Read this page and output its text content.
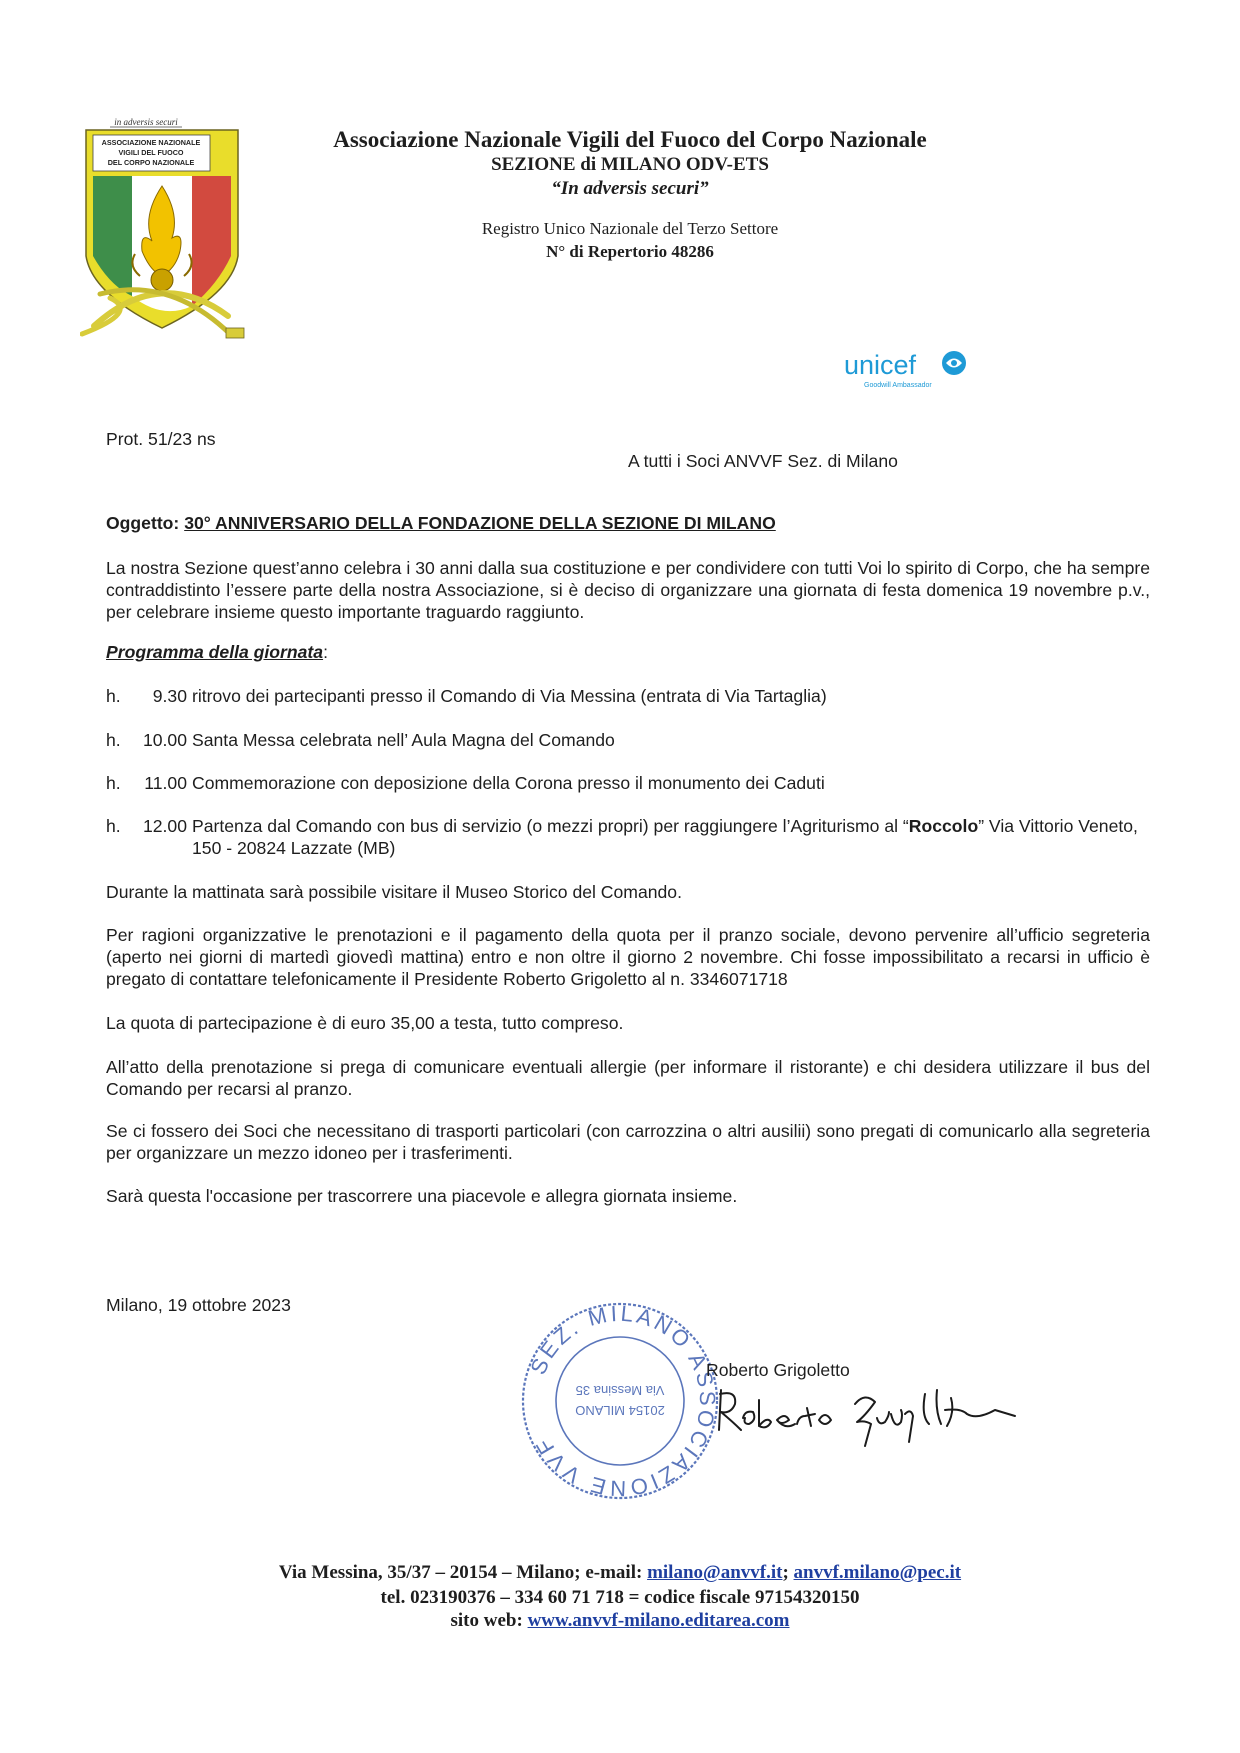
in adversis securi
ASSOCIAZIONE NAZIONALE
VIGILI DEL FUOCO
DEL CORPO NAZIONALE
Associazione Nazionale Vigili del Fuoco del Corpo Nazionale
SEZIONE di MILANO ODV-ETS
“In adversis securi”
Registro Unico Nazionale del Terzo Settore
N° di Repertorio 48286
unicef
Goodwill Ambassador
Prot. 51/23 ns
A tutti i Soci ANVVF Sez. di Milano
Oggetto: 30° ANNIVERSARIO DELLA FONDAZIONE DELLA SEZIONE DI MILANO
La nostra Sezione quest’anno celebra i 30 anni dalla sua costituzione e per condividere con tutti Voi lo spirito di Corpo, che ha sempre contraddistinto l’essere parte della nostra Associazione, si è deciso di organizzare una giornata di festa domenica 19 novembre p.v., per celebrare insieme questo importante traguardo raggiunto.
Programma della giornata:
h. 9.30 ritrovo dei partecipanti presso il Comando di Via Messina (entrata di Via Tartaglia)
h. 10.00 Santa Messa celebrata nell’ Aula Magna del Comando
h. 11.00 Commemorazione con deposizione della Corona presso il monumento dei Caduti
h. 12.00 Partenza dal Comando con bus di servizio (o mezzi propri) per raggiungere l’Agriturismo al “Roccolo” Via Vittorio Veneto, 150 - 20824 Lazzate (MB)
Durante la mattinata sarà possibile visitare il Museo Storico del Comando.
Per ragioni organizzative le prenotazioni e il pagamento della quota per il pranzo sociale, devono pervenire all’ufficio segreteria (aperto nei giorni di martedì giovedì mattina) entro e non oltre il giorno 2 novembre. Chi fosse impossibilitato a recarsi in ufficio è pregato di contattare telefonicamente il Presidente Roberto Grigoletto al n. 3346071718
La quota di partecipazione è di euro 35,00 a testa, tutto compreso.
All’atto della prenotazione si prega di comunicare eventuali allergie (per informare il ristorante) e chi desidera utilizzare il bus del Comando per recarsi al pranzo.
Se ci fossero dei Soci che necessitano di trasporti particolari (con carrozzina o altri ausilii) sono pregati di comunicarlo alla segreteria per organizzare un mezzo idoneo per i trasferimenti.
Sarà questa l'occasione per trascorrere una piacevole e allegra giornata insieme.
Milano, 19 ottobre 2023
SEZ. MILANO ASSOCIAZIONE VVF
20154 MILANO
Via Messina 35
Roberto Grigoletto
Via Messina, 35/37 – 20154 – Milano; e-mail: milano@anvvf.it; anvvf.milano@pec.it
tel. 023190376 – 334 60 71 718 = codice fiscale 97154320150
sito web: www.anvvf-milano.editarea.com
